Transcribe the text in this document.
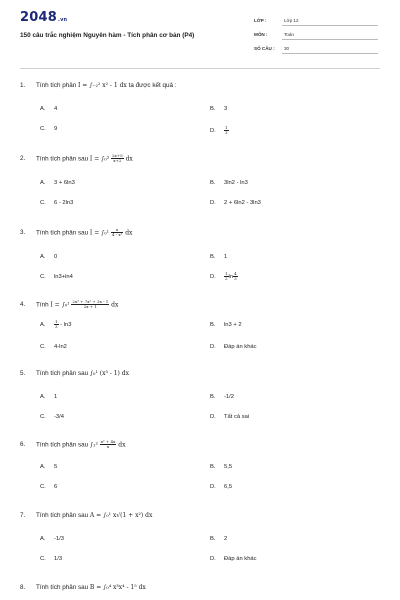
2048.vn
150 câu trắc nghiệm Nguyên hàm - Tích phân cơ bản (P4)
LỚP :	Lớp 12
MÔN :	Toán
SỐ CÂU : 30
1. Tính tích phân I = ∫₋₂² x² - 1 dx ta được kết quả :
A. 4	B. 3
C. 9	D. $\frac{1}{3}$
2. Tính tích phân sau $I = \int_0^3 \frac{2x+5}{x+2}$ dx
A. 3 + 6ln3	B. 3ln2 - ln3
C. 6 - 2ln3	D. 2 + 6ln2 - 3ln3
3. Tính tích phân sau $I = \int_0^1 \frac{x}{\text{4 - x²}}$ dx
A. 0	B. 1
C. ln3+ln4	D. $\frac{1}{2}$ $\ln \frac{4}{3}$
4. Tính $I = \int_0^1 \frac{\text{2x³ + 7x² + 3x - 1}}{2x + 1}$ dx
A. $\frac{1}{3} - \ln 3$	B. ln3 + 2
C. 4-ln2	D. Đáp án khác
5. Tính tích phân sau ∫₀¹ (x³ - 1) dx
A. 1	B. -1/2
C. -3/4	D. Tất cả sai
6. Tính tích phân sau $\int_1^2 \frac{\text{x² + 4x}}{x}$ dx
A. 5	B. 5,5
C. 6	D. 6,5
7. Tính tích phân sau A = ∫₀¹ x√(1 + x²) dx
A. -1/3	B. 2
C. 1/3	D. Đáp án khác
8. Tính tích phân sau B = ∫₀⁴ x³x⁴ - 1⁵ dx
